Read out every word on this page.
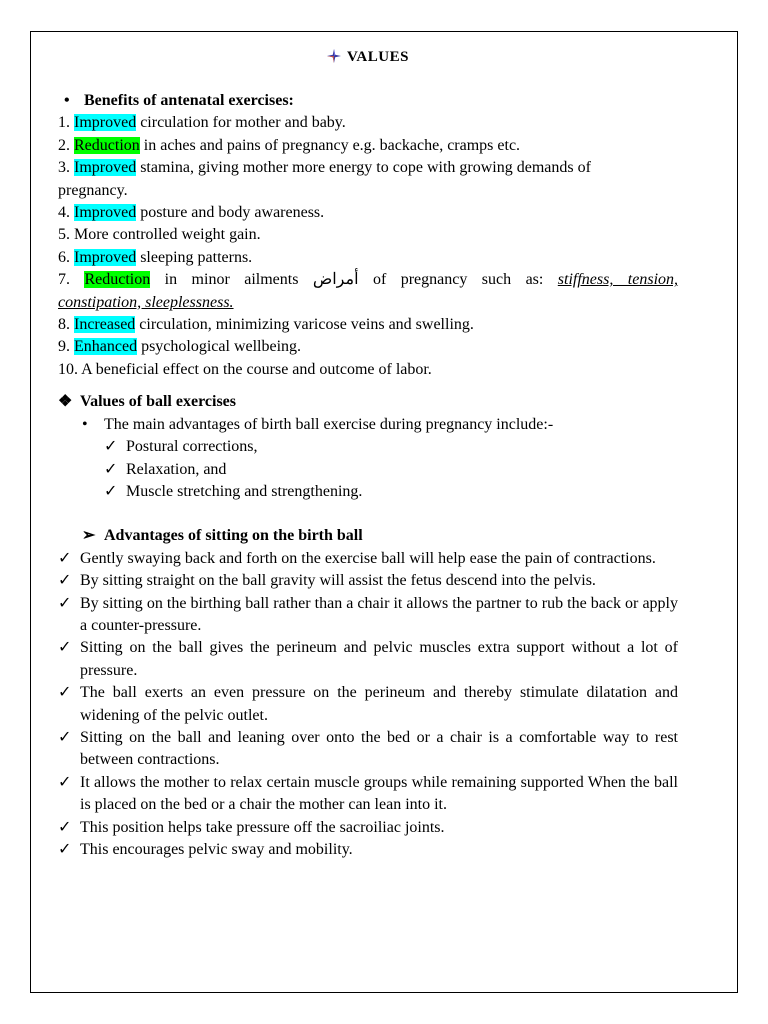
VALUES
• Benefits of antenatal exercises:
1. Improved circulation for mother and baby.
2. Reduction in aches and pains of pregnancy e.g. backache, cramps etc.
3. Improved stamina, giving mother more energy to cope with growing demands of
pregnancy.
4. Improved posture and body awareness.
5. More controlled weight gain.
6. Improved sleeping patterns.
7. Reduction in minor ailments أمراض of pregnancy such as: stiffness, tension,
constipation, sleeplessness.
8. Increased circulation, minimizing varicose veins and swelling.
9. Enhanced psychological wellbeing.
10. A beneficial effect on the course and outcome of labor.
❖ Values of ball exercises
• The main advantages of birth ball exercise during pregnancy include:-
✓ Postural corrections,
✓ Relaxation, and
✓ Muscle stretching and strengthening.
➢ Advantages of sitting on the birth ball
✓ Gently swaying back and forth on the exercise ball will help ease the pain of contractions.
✓ By sitting straight on the ball gravity will assist the fetus descend into the pelvis.
✓ By sitting on the birthing ball rather than a chair it allows the partner to rub the back or apply a counter-pressure.
✓ Sitting on the ball gives the perineum and pelvic muscles extra support without a lot of pressure.
✓ The ball exerts an even pressure on the perineum and thereby stimulate dilatation and widening of the pelvic outlet.
✓ Sitting on the ball and leaning over onto the bed or a chair is a comfortable way to rest between contractions.
✓ It allows the mother to relax certain muscle groups while remaining supported When the ball is placed on the bed or a chair the mother can lean into it.
✓ This position helps take pressure off the sacroiliac joints.
✓ This encourages pelvic sway and mobility.
